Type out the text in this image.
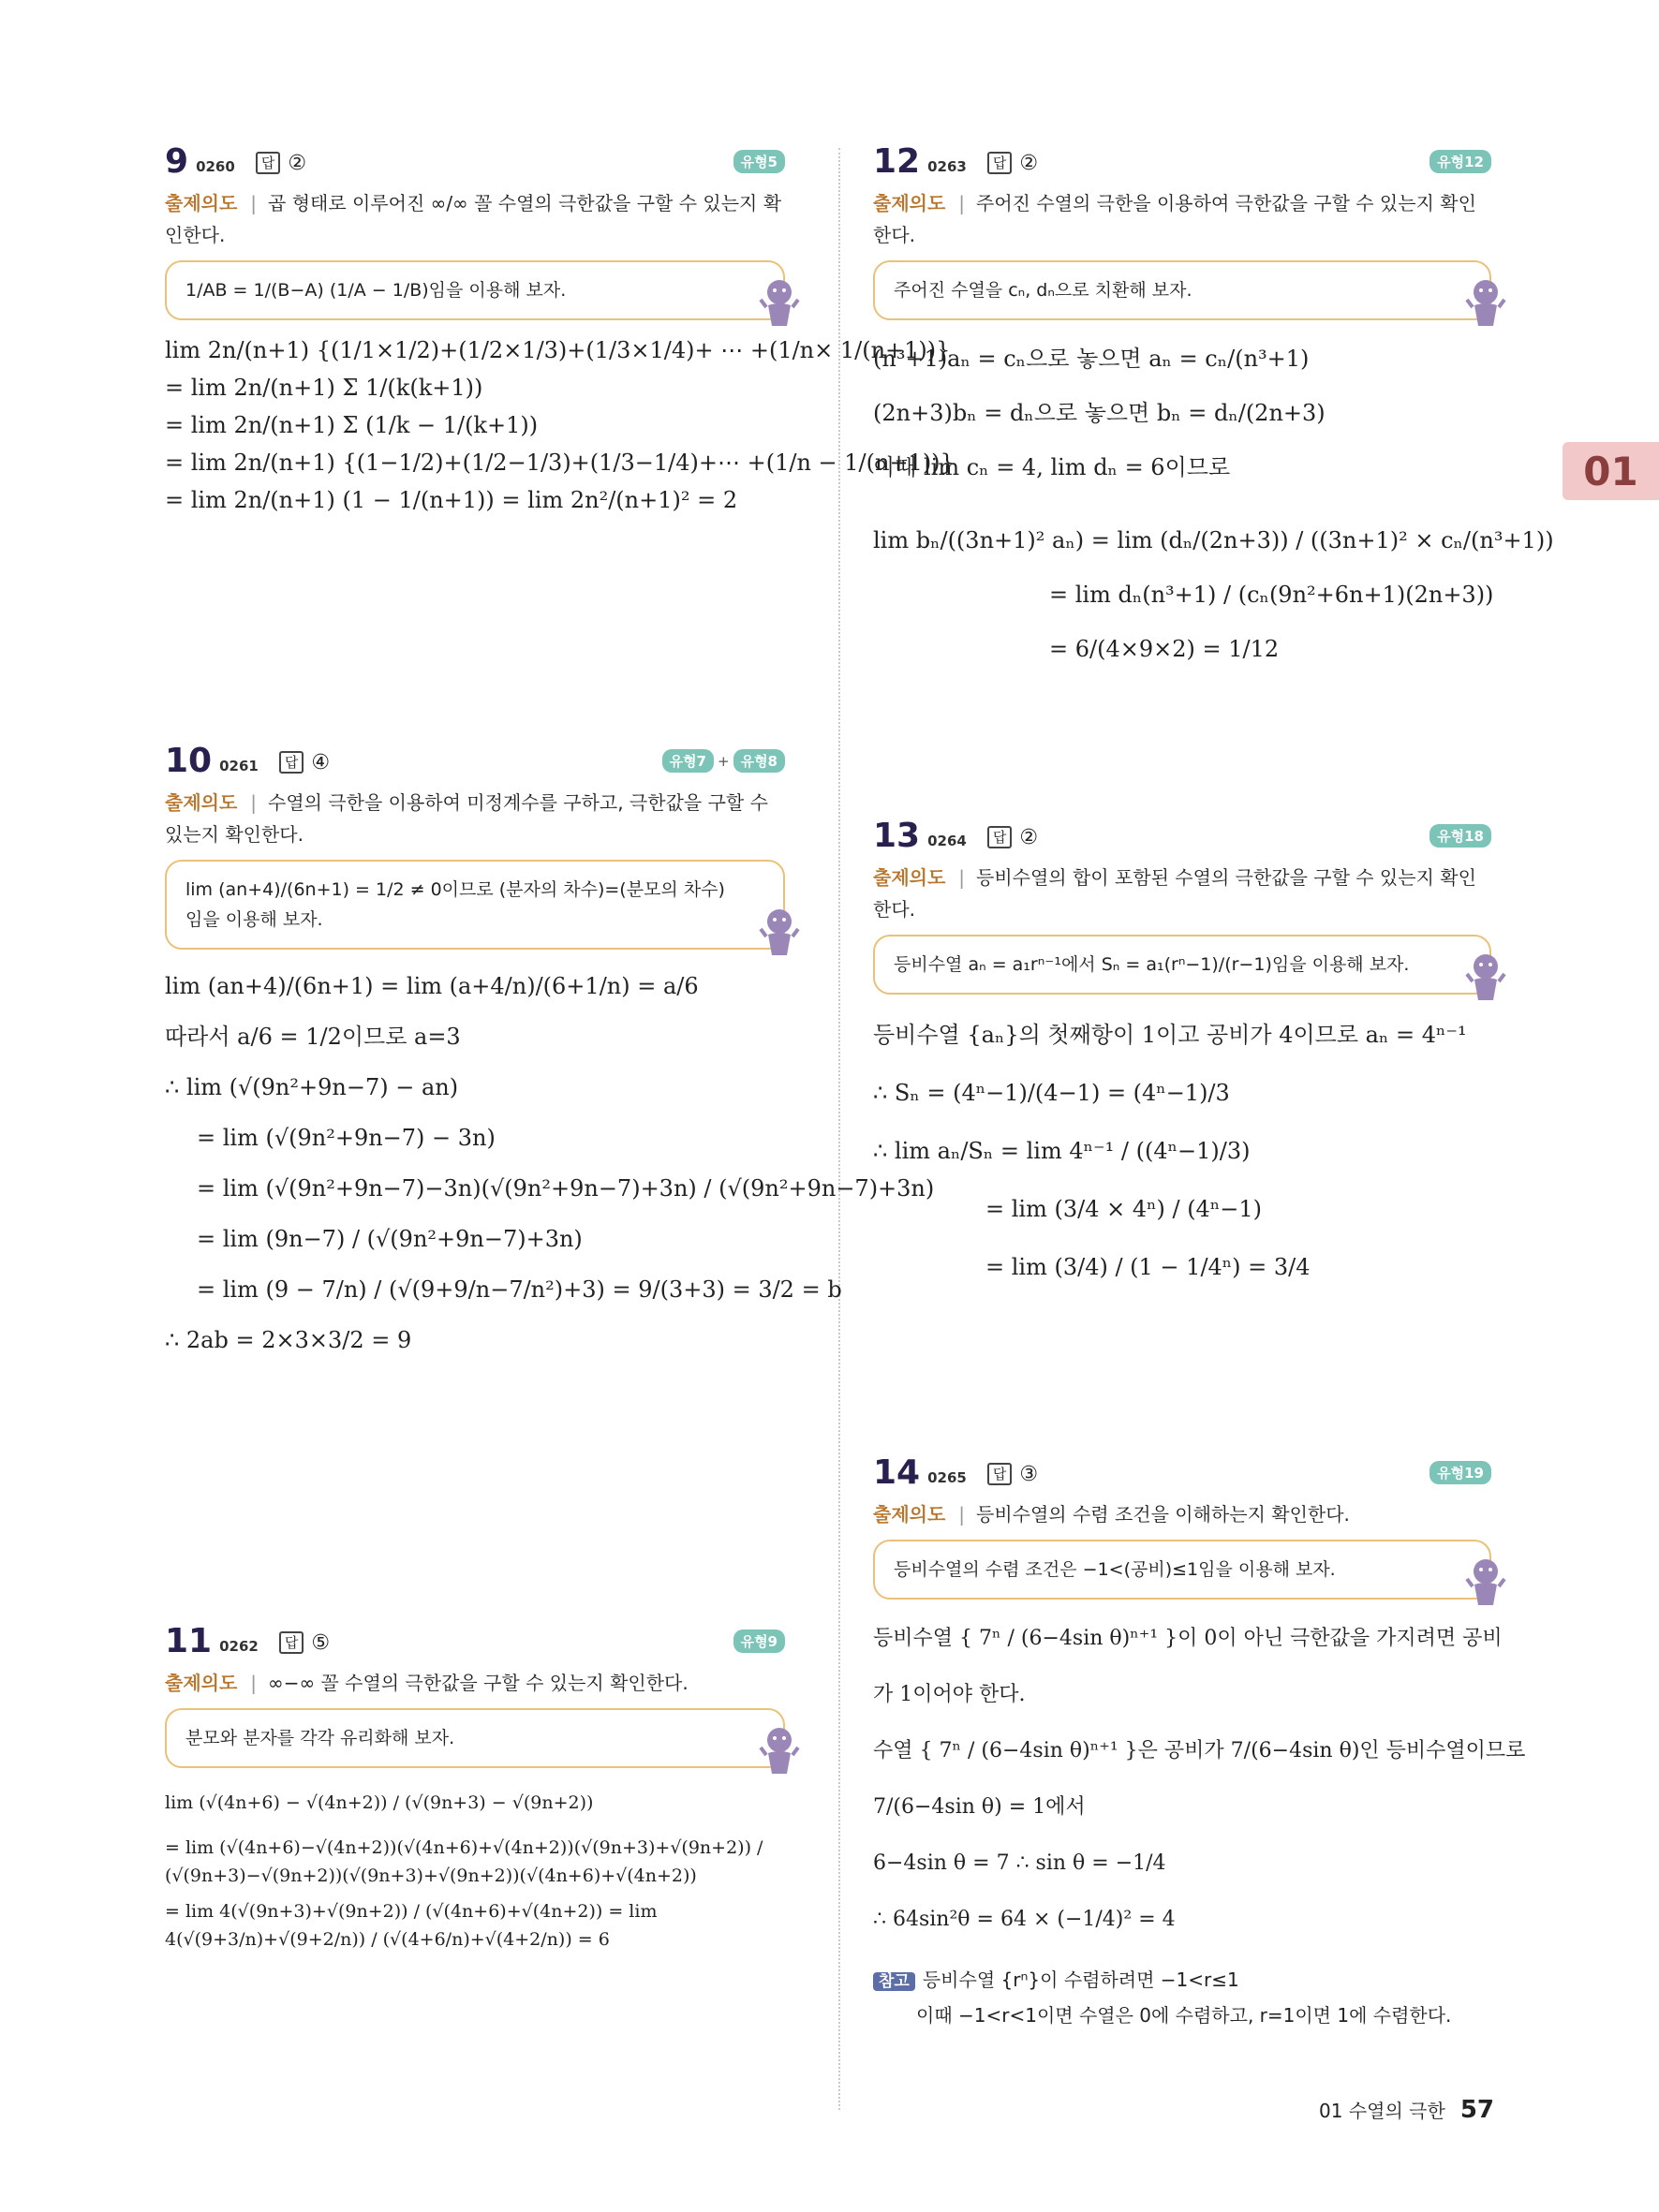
01
9 0260	답 ②	유형5
출제의도 | 곱 형태로 이루어진 ∞/∞ 꼴 수열의 극한값을 구할 수 있는지 확인한다.
1/AB = 1/(B−A) (1/A − 1/B)임을 이용해 보자.
lim 2n/(n+1) {(1/1×1/2)+(1/2×1/3)+(1/3×1/4)+ ⋯ +(1/n× 1/(n+1))}
= lim 2n/(n+1) Σ 1/(k(k+1))
= lim 2n/(n+1) Σ (1/k − 1/(k+1))
= lim 2n/(n+1) {(1−1/2)+(1/2−1/3)+(1/3−1/4)+⋯ +(1/n − 1/(n+1))}
= lim 2n/(n+1) (1 − 1/(n+1)) = lim 2n²/(n+1)² = 2
10 0261	답 ④	유형7 + 유형8
출제의도 | 수열의 극한을 이용하여 미정계수를 구하고, 극한값을 구할 수 있는지 확인한다.
lim (an+4)/(6n+1) = 1/2 ≠ 0이므로 (분자의 차수)=(분모의 차수)임을 이용해 보자.
lim (an+4)/(6n+1) = lim (a+4/n)/(6+1/n) = a/6
따라서 a/6 = 1/2이므로 a=3
∴ lim (√(9n²+9n−7) − an)
= lim (√(9n²+9n−7) − 3n)
= lim (√(9n²+9n−7)−3n)(√(9n²+9n−7)+3n) / (√(9n²+9n−7)+3n)
= lim (9n−7) / (√(9n²+9n−7)+3n)
= lim (9 − 7/n) / (√(9+9/n−7/n²)+3) = 9/(3+3) = 3/2 = b
∴ 2ab = 2×3×3/2 = 9
11 0262	답 ⑤	유형9
출제의도 | ∞−∞ 꼴 수열의 극한값을 구할 수 있는지 확인한다.
분모와 분자를 각각 유리화해 보자.
lim (√(4n+6) − √(4n+2)) / (√(9n+3) − √(9n+2))
= lim (√(4n+6)−√(4n+2))(√(4n+6)+√(4n+2))(√(9n+3)+√(9n+2)) / (√(9n+3)−√(9n+2))(√(9n+3)+√(9n+2))(√(4n+6)+√(4n+2))
= lim 4(√(9n+3)+√(9n+2)) / (√(4n+6)+√(4n+2)) = lim 4(√(9+3/n)+√(9+2/n)) / (√(4+6/n)+√(4+2/n)) = 6
12 0263	답 ②	유형12
출제의도 | 주어진 수열의 극한을 이용하여 극한값을 구할 수 있는지 확인한다.
주어진 수열을 cₙ, dₙ으로 치환해 보자.
(n³+1)aₙ = cₙ으로 놓으면 aₙ = cₙ/(n³+1)
(2n+3)bₙ = dₙ으로 놓으면 bₙ = dₙ/(2n+3)
이때 lim cₙ = 4, lim dₙ = 6이므로
lim bₙ/((3n+1)² aₙ) = lim (dₙ/(2n+3)) / ((3n+1)² × cₙ/(n³+1))
= lim dₙ(n³+1) / (cₙ(9n²+6n+1)(2n+3))
= 6/(4×9×2) = 1/12
13 0264	답 ②	유형18
출제의도 | 등비수열의 합이 포함된 수열의 극한값을 구할 수 있는지 확인한다.
등비수열 aₙ = a₁rⁿ⁻¹에서 Sₙ = a₁(rⁿ−1)/(r−1)임을 이용해 보자.
등비수열 {aₙ}의 첫째항이 1이고 공비가 4이므로 aₙ = 4ⁿ⁻¹
∴ Sₙ = (4ⁿ−1)/(4−1) = (4ⁿ−1)/3
∴ lim aₙ/Sₙ = lim 4ⁿ⁻¹ / ((4ⁿ−1)/3)
= lim (3/4 × 4ⁿ) / (4ⁿ−1)
= lim (3/4) / (1 − 1/4ⁿ) = 3/4
14 0265	답 ③	유형19
출제의도 | 등비수열의 수렴 조건을 이해하는지 확인한다.
등비수열의 수렴 조건은 −1<(공비)≤1임을 이용해 보자.
등비수열 { 7ⁿ / (6−4sin θ)ⁿ⁺¹ }이 0이 아닌 극한값을 가지려면 공비
가 1이어야 한다.
수열 { 7ⁿ / (6−4sin θ)ⁿ⁺¹ }은 공비가 7/(6−4sin θ)인 등비수열이므로
7/(6−4sin θ) = 1에서
6−4sin θ = 7 ∴ sin θ = −1/4
∴ 64sin²θ = 64 × (−1/4)² = 4
참고 등비수열 {rⁿ}이 수렴하려면 −1<r≤1
이때 −1<r<1이면 수열은 0에 수렴하고, r=1이면 1에 수렴한다.
01 수열의 극한 57
